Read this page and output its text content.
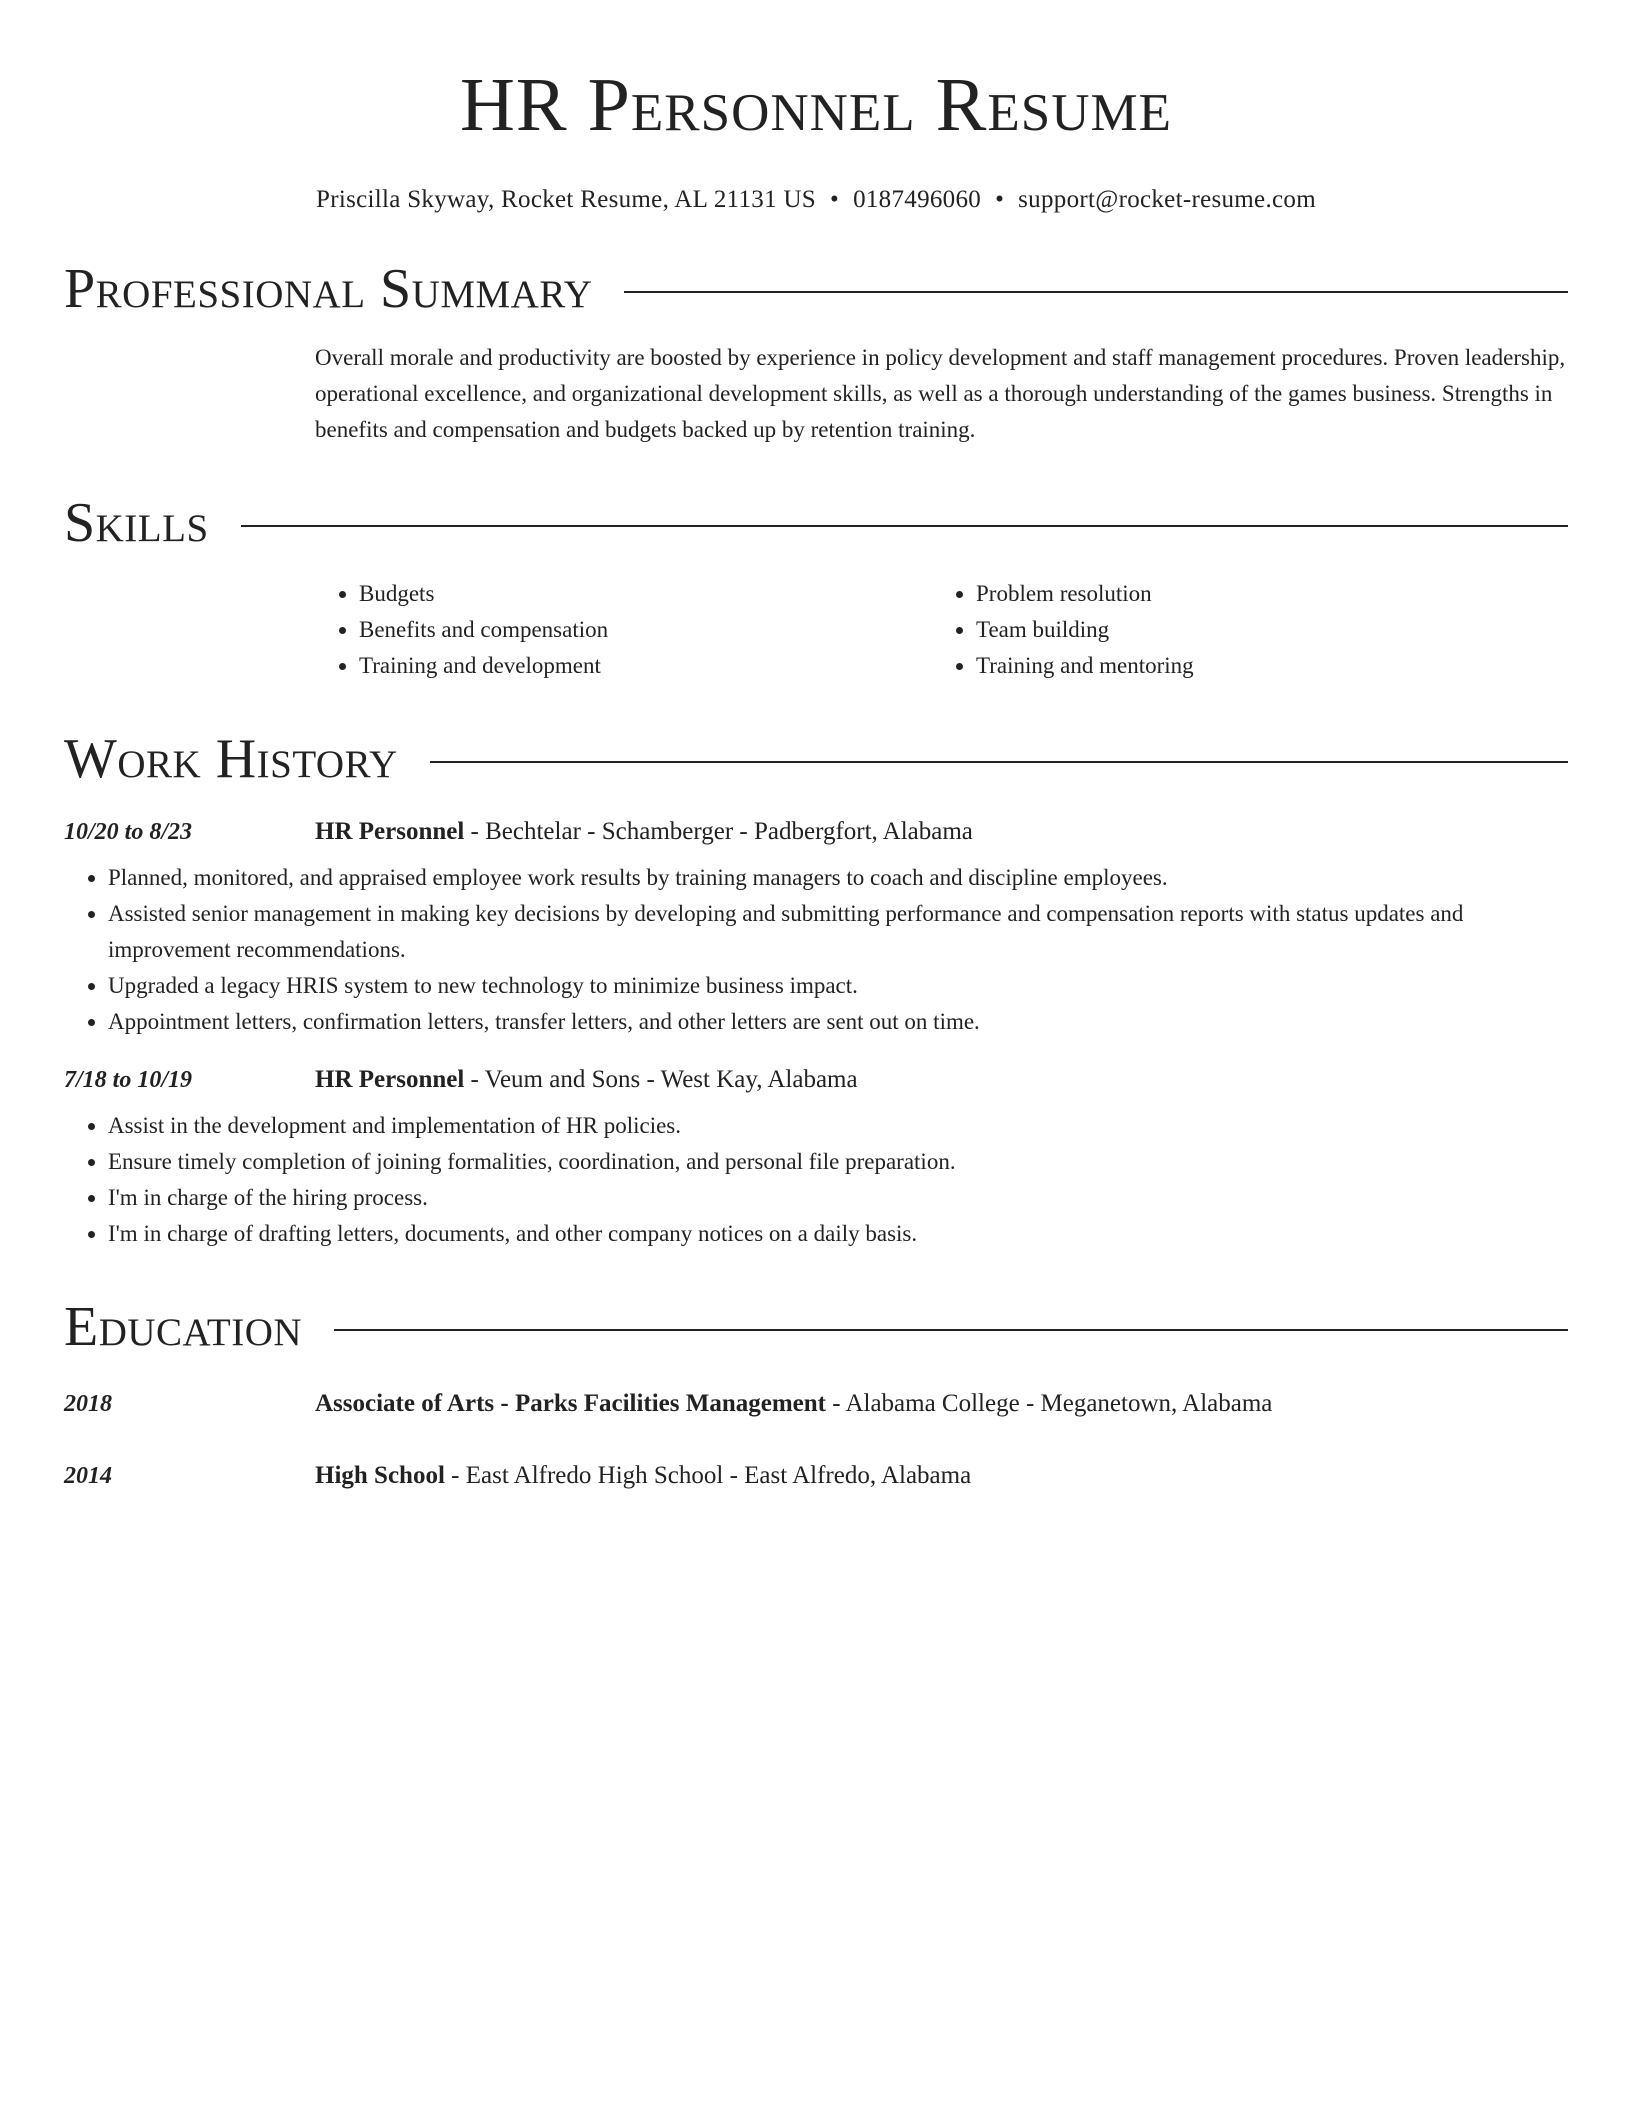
HR Personnel Resume
Priscilla Skyway, Rocket Resume, AL 21131 US • 0187496060 • support@rocket-resume.com
Professional Summary

Overall morale and productivity are boosted by experience in policy development and staff management procedures. Proven leadership, operational excellence, and organizational development skills, as well as a thorough understanding of the games business. Strengths in benefits and compensation and budgets backed up by retention training.

Skills
• Budgets
• Benefits and compensation
• Training and development
• Problem resolution
• Team building
• Training and mentoring
Work History
10/20 to 8/23	HR Personnel - Bechtelar - Schamberger - Padbergfort, Alabama
• Planned, monitored, and appraised employee work results by training managers to coach and discipline employees.
• Assisted senior management in making key decisions by developing and submitting performance and compensation reports with status updates and improvement recommendations.
• Upgraded a legacy HRIS system to new technology to minimize business impact.
• Appointment letters, confirmation letters, transfer letters, and other letters are sent out on time.
7/18 to 10/19	HR Personnel - Veum and Sons - West Kay, Alabama
• Assist in the development and implementation of HR policies.
• Ensure timely completion of joining formalities, coordination, and personal file preparation.
• I'm in charge of the hiring process.
• I'm in charge of drafting letters, documents, and other company notices on a daily basis.
Education
2018	Associate of Arts - Parks Facilities Management - Alabama College - Meganetown, Alabama
2014	High School - East Alfredo High School - East Alfredo, Alabama
